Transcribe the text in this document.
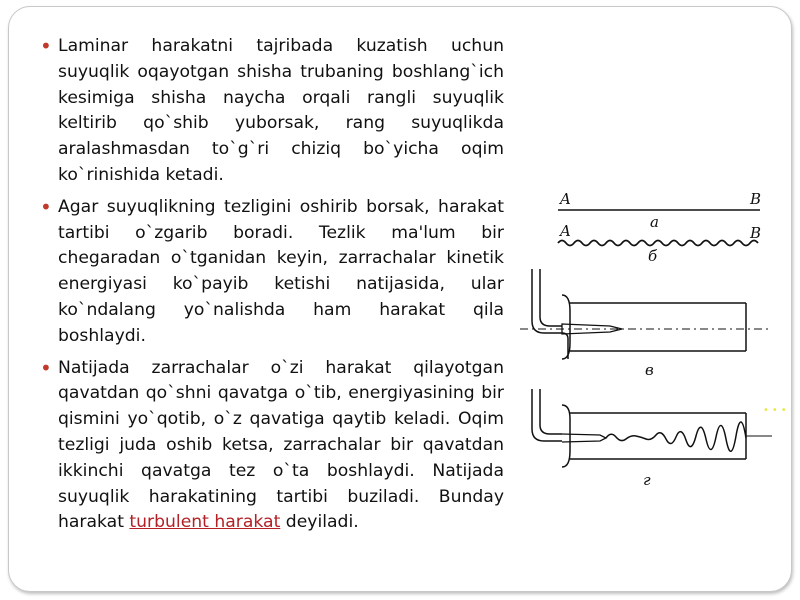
• Laminar harakatni tajribada kuzatish uchun suyuqlik oqayotgan shisha trubaning boshlang`ich kesimiga shisha naycha orqali rangli suyuqlik keltirib qo`shib yuborsak, rang suyuqlikda aralashmasdan to`g`ri chiziq bo`yicha oqim ko`rinishida ketadi.
• Agar suyuqlikning tezligini oshirib borsak, harakat tartibi o`zgarib boradi. Tezlik ma'lum bir chegaradan o`tganidan keyin, zarrachalar kinetik energiyasi ko`payib ketishi natijasida, ular ko`ndalang yo`nalishda ham harakat qila boshlaydi.
• Natijada zarrachalar o`zi harakat qilayotgan qavatdan qo`shni qavatga o`tib, energiyasining bir qismini yo`qotib, o`z qavatiga qaytib keladi. Oqim tezligi juda oshib ketsa, zarrachalar bir qavatdan ikkinchi qavatga tez o`ta boshlaydi. Natijada suyuqlik harakatining tartibi buziladi. Bunday harakat turbulent harakat deyiladi.
A	B
a
A	B
б
в
г
•••
